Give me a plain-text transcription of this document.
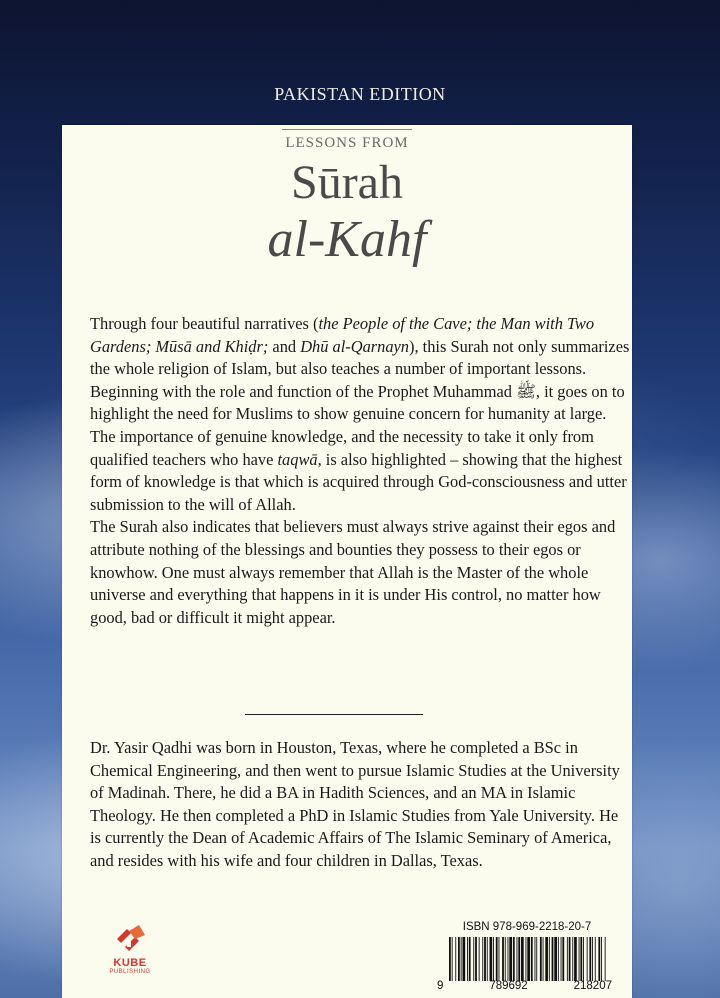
PAKISTAN EDITION
LESSONS FROM
Sūrah
al-Kahf

Through four beautiful narratives (the People of the Cave; the Man with Two Gardens; Mūsā and Khiḍr; and Dhū al-Qarnayn), this Surah not only summarizes the whole religion of Islam, but also teaches a number of important lessons. Beginning with the role and function of the Prophet Muhammad ﷺ, it goes on to highlight the need for Muslims to show genuine concern for humanity at large. The importance of genuine knowledge, and the necessity to take it only from qualified teachers who have taqwā, is also highlighted – showing that the highest form of knowledge is that which is acquired through God-consciousness and utter submission to the will of Allah.

The Surah also indicates that believers must always strive against their egos and attribute nothing of the blessings and bounties they possess to their egos or knowhow. One must always remember that Allah is the Master of the whole universe and everything that happens in it is under His control, no matter how good, bad or difficult it might appear.

Dr. Yasir Qadhi was born in Houston, Texas, where he completed a BSc in Chemical Engineering, and then went to pursue Islamic Studies at the University of Madinah. There, he did a BA in Hadith Sciences, and an MA in Islamic Theology. He then completed a PhD in Islamic Studies from Yale University. He is currently the Dean of Academic Affairs of The Islamic Seminary of America, and resides with his wife and four children in Dallas, Texas.
KUBE
PUBLISHING
ISBN 978-969-2218-20-7
9	789692	218207
